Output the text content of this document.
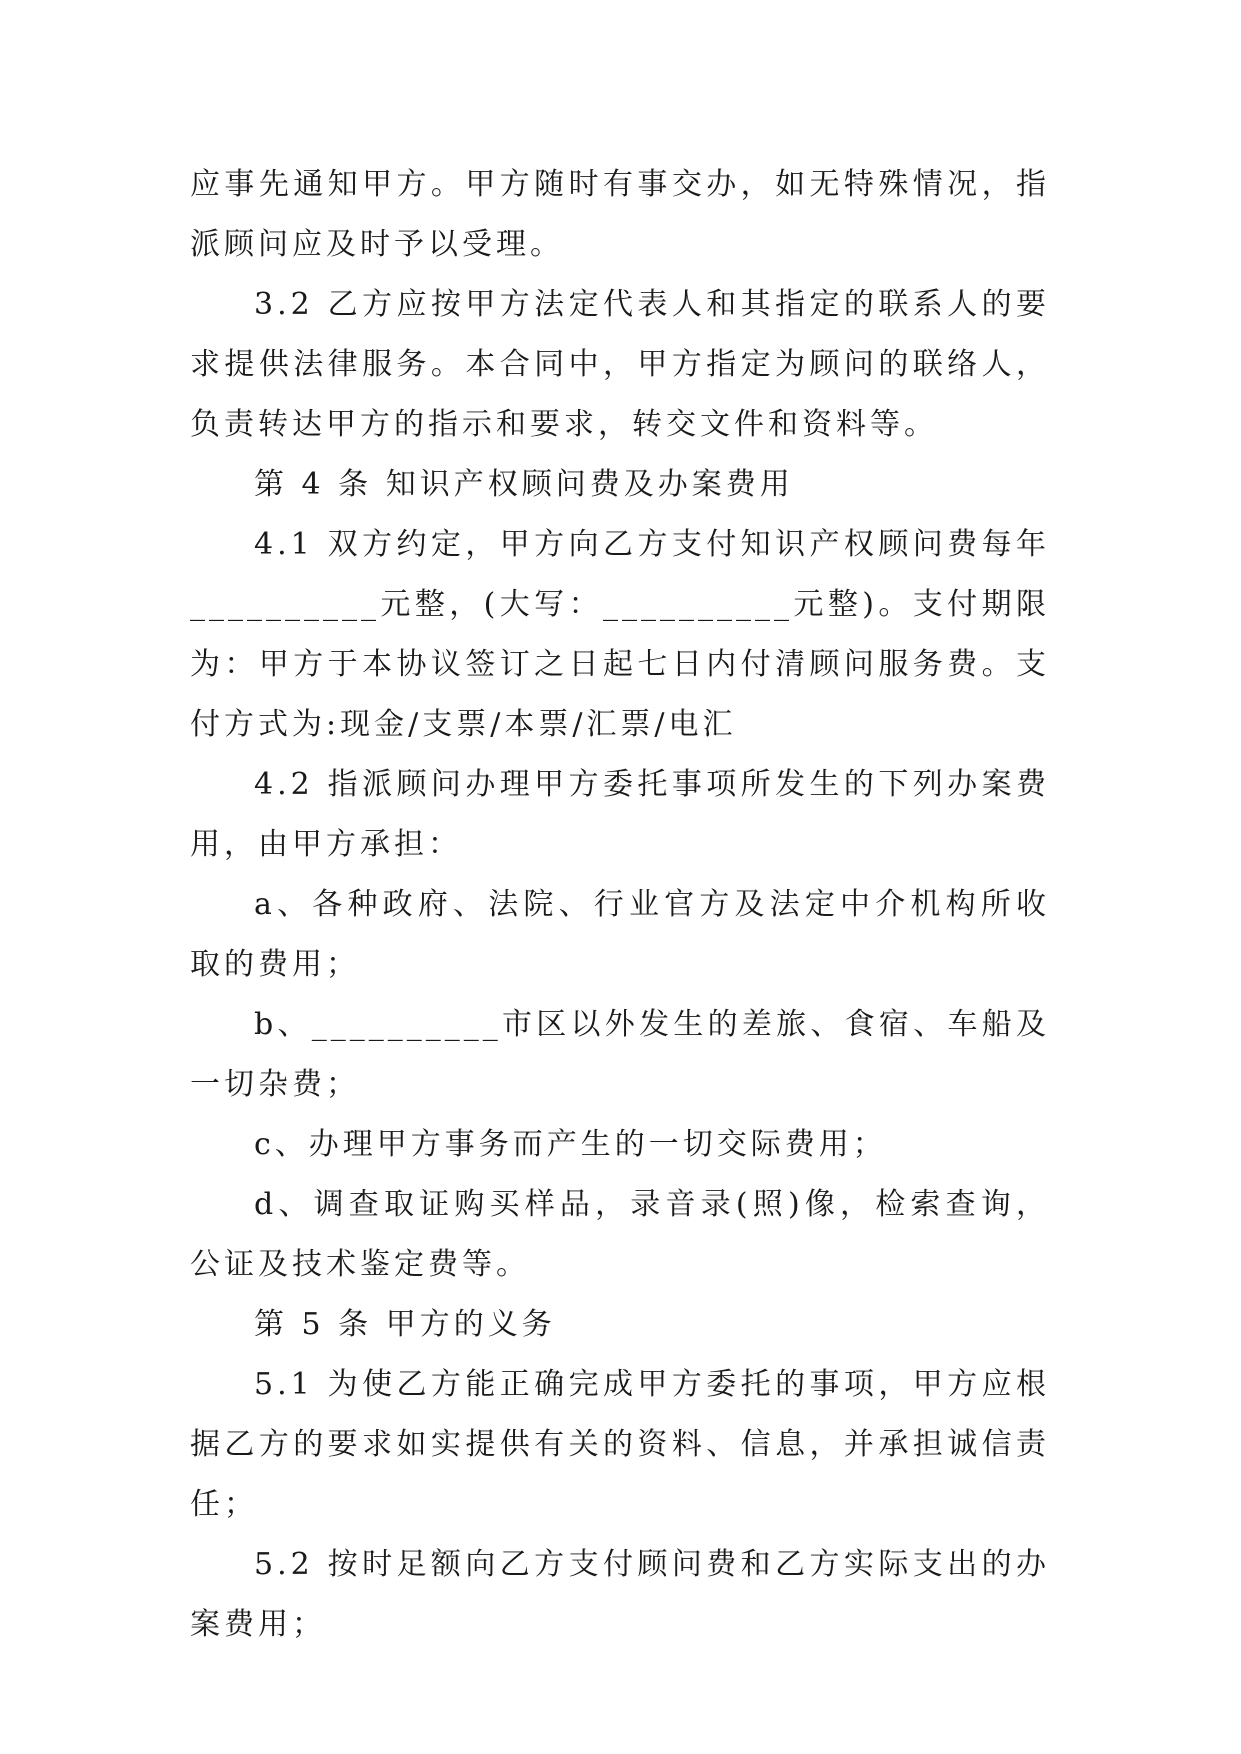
应事先通知甲方。甲方随时有事交办，如无特殊情况，指派顾问应及时予以受理。

3.2 乙方应按甲方法定代表人和其指定的联系人的要求提供法律服务。本合同中，甲方指定为顾问的联络人，负责转达甲方的指示和要求，转交文件和资料等。

第 4 条 知识产权顾问费及办案费用

4.1 双方约定，甲方向乙方支付知识产权顾问费每年__________元整，(大写：__________元整)。支付期限为：甲方于本协议签订之日起七日内付清顾问服务费。支付方式为:现金/支票/本票/汇票/电汇

4.2 指派顾问办理甲方委托事项所发生的下列办案费用，由甲方承担：

a、各种政府、法院、行业官方及法定中介机构所收取的费用；

b、__________市区以外发生的差旅、食宿、车船及一切杂费；

c、办理甲方事务而产生的一切交际费用；

d、调查取证购买样品，录音录(照)像，检索查询，公证及技术鉴定费等。

第 5 条 甲方的义务

5.1 为使乙方能正确完成甲方委托的事项，甲方应根据乙方的要求如实提供有关的资料、信息，并承担诚信责任；

5.2 按时足额向乙方支付顾问费和乙方实际支出的办案费用；
